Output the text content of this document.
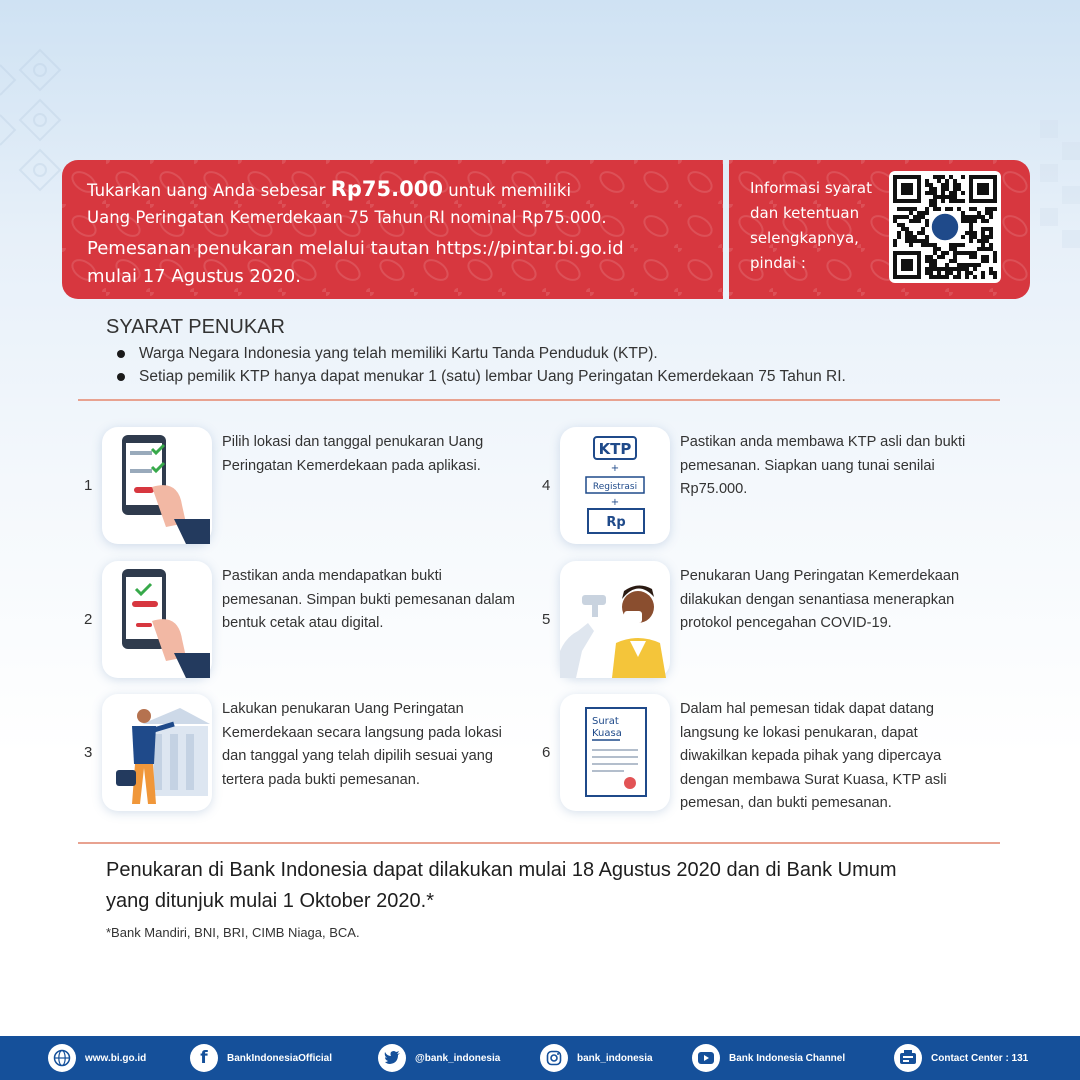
Tukarkan uang Anda sebesar Rp75.000 untuk memiliki
Uang Peringatan Kemerdekaan 75 Tahun RI nominal Rp75.000.
Pemesanan penukaran melalui tautan https://pintar.bi.go.id
mulai 17 Agustus 2020.
Informasi syarat
dan ketentuan
selengkapnya,
pindai :
SYARAT PENUKAR
Warga Negara Indonesia yang telah memiliki Kartu Tanda Penduduk (KTP).
Setiap pemilik KTP hanya dapat menukar 1 (satu) lembar Uang Peringatan Kemerdekaan 75 Tahun RI.
1
Pilih lokasi dan tanggal penukaran Uang Peringatan Kemerdekaan pada aplikasi.
2
Pastikan anda mendapatkan bukti pemesanan. Simpan bukti pemesanan dalam bentuk cetak atau digital.
3
Lakukan penukaran Uang Peringatan Kemerdekaan secara langsung pada lokasi dan tanggal yang telah dipilih sesuai yang tertera pada bukti pemesanan.
4
KTP
+
Registrasi
+
Rp
Pastikan anda membawa KTP asli dan bukti pemesanan. Siapkan uang tunai senilai Rp75.000.
5
Penukaran Uang Peringatan Kemerdekaan dilakukan dengan senantiasa menerapkan protokol pencegahan COVID-19.
6
Surat
Kuasa
Dalam hal pemesan tidak dapat datang langsung ke lokasi penukaran, dapat diwakilkan kepada pihak yang dipercaya dengan membawa Surat Kuasa, KTP asli pemesan, dan bukti pemesanan.
Penukaran di Bank Indonesia dapat dilakukan mulai 18 Agustus 2020 dan di Bank Umum
yang ditunjuk mulai 1 Oktober 2020.*
*Bank Mandiri, BNI, BRI, CIMB Niaga, BCA.
www.bi.go.id	f BankIndonesiaOfficial	@bank_indonesia	bank_indonesia	Bank Indonesia Channel	Contact Center : 131
